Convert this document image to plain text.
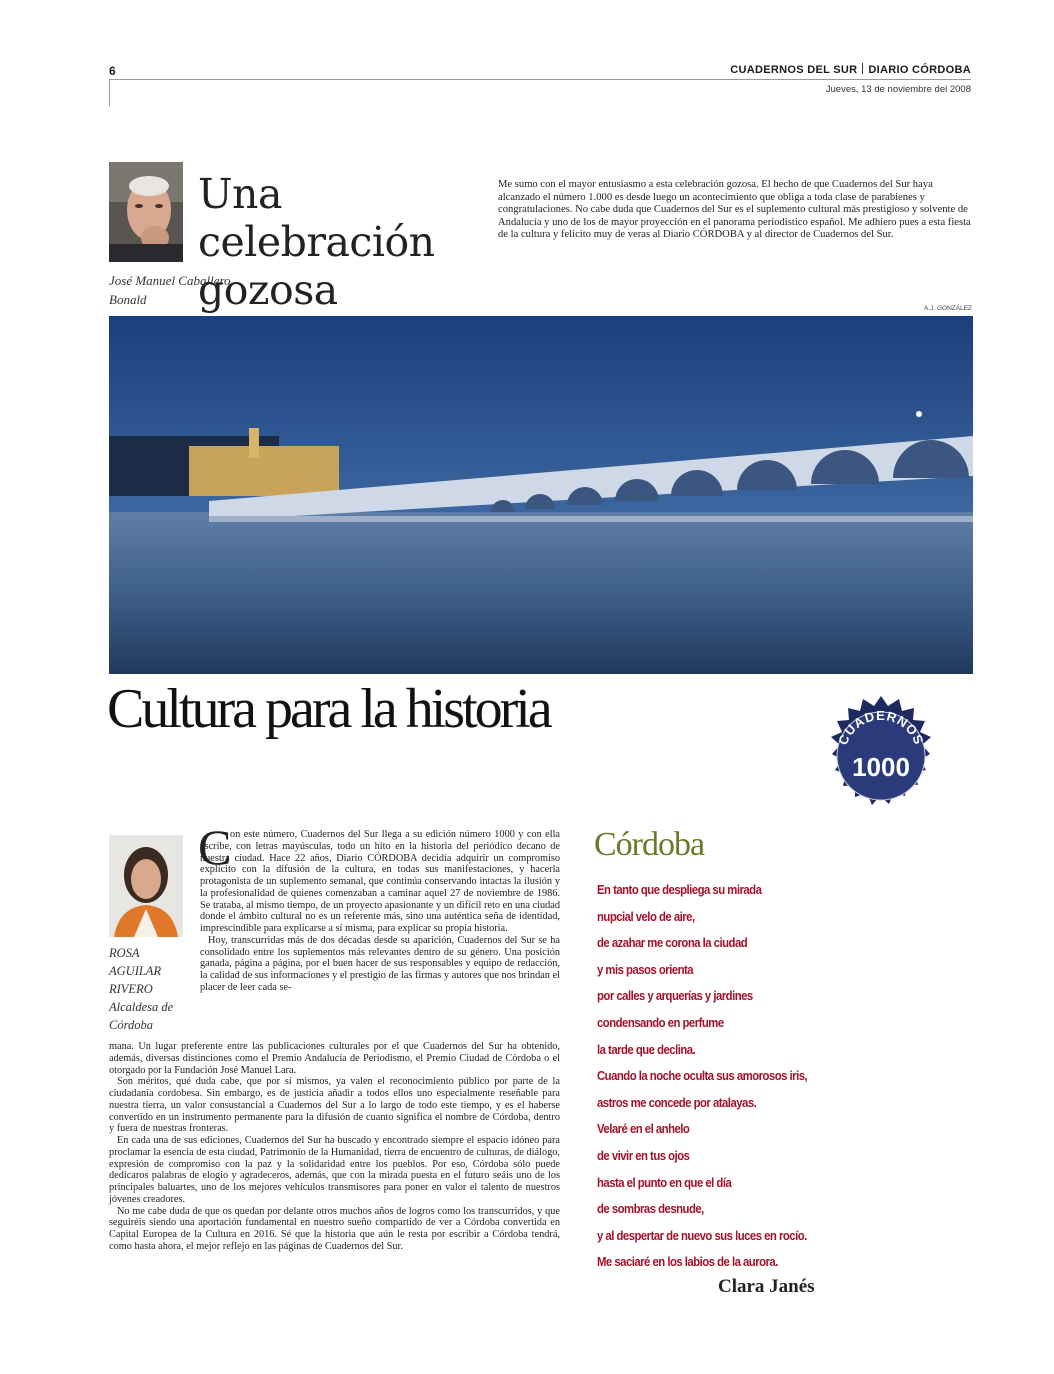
6	CUADERNOS DEL SUR DIARIO CÓRDOBA
Jueves, 13 de noviembre del 2008
Una celebración gozosa
José Manuel Caballero Bonald
Me sumo con el mayor entusiasmo a esta celebración gozosa. El hecho de que Cuadernos del Sur haya alcanzado el número 1.000 es desde luego un acontecimiento que obliga a toda clase de parabienes y congratulaciones. No cabe duda que Cuadernos del Sur es el suplemento cultural más prestigioso y solvente de Andalucía y uno de los de mayor proyección en el panorama periodístico español. Me adhiero pues a esta fiesta de la cultura y felicito muy de veras al Diario CÓRDOBA y al director de Cuadernos del Sur.
A.J. GONZÁLEZ
Cultura para la historia	CUADERNOS
1000
ROSA AGUILAR RIVERO Alcaldesa de Córdoba
C
on este número, Cuadernos del Sur llega a su edición número 1000 y con ella escribe, con letras mayúsculas, todo un hito en la historia del periódico decano de nuestra ciudad. Hace 22 años, Diario CÓRDOBA decidía adquirir un compromiso explícito con la difusión de la cultura, en todas sus manifestaciones, y hacerla protagonista de un suplemento semanal, que continúa conservando intactas la ilusión y la profesionalidad de quienes comenzaban a caminar aquel 27 de noviembre de 1986. Se trataba, al mismo tiempo, de un proyecto apasionante y un difícil reto en una ciudad donde el ámbito cultural no es un referente más, sino una auténtica seña de identidad, imprescindible para explicarse a sí misma, para explicar su propia historia.
Hoy, transcurridas más de dos décadas desde su aparición, Cuadernos del Sur se ha consolidado entre los suplementos más relevantes dentro de su género. Una posición ganada, página a página, por el buen hacer de sus responsables y equipo de redacción, la calidad de sus informaciones y el prestigio de las firmas y autores que nos brindan el placer de leer cada se-
mana. Un lugar preferente entre las publicaciones culturales por el que Cuadernos del Sur ha obtenido, además, diversas distinciones como el Premio Andalucía de Periodismo, el Premio Ciudad de Córdoba o el otorgado por la Fundación José Manuel Lara.
Son méritos, qué duda cabe, que por sí mismos, ya valen el reconocimiento público por parte de la ciudadanía cordobesa. Sin embargo, es de justicia añadir a todos ellos uno especialmente reseñable para nuestra tierra, un valor consustancial a Cuadernos del Sur a lo largo de todo este tiempo, y es el haberse convertido en un instrumento permanente para la difusión de cuanto significa el nombre de Córdoba, dentro y fuera de nuestras fronteras.
En cada una de sus ediciones, Cuadernos del Sur ha buscado y encontrado siempre el espacio idóneo para proclamar la esencia de esta ciudad, Patrimonio de la Humanidad, tierra de encuentro de culturas, de diálogo, expresión de compromiso con la paz y la solidaridad entre los pueblos. Por eso, Córdoba sólo puede dedicaros palabras de elogio y agradeceros, además, que con la mirada puesta en el futuro seáis uno de los principales baluartes, uno de los mejores vehículos transmisores para poner en valor el talento de nuestros jóvenes creadores.
No me cabe duda de que os quedan por delante otros muchos años de logros como los transcurridos, y que seguiréis siendo una aportación fundamental en nuestro sueño compartido de ver a Córdoba convertida en Capital Europea de la Cultura en 2016. Sé que la historia que aún le resta por escribir a Córdoba tendrá, como hasta ahora, el mejor reflejo en las páginas de Cuadernos del Sur.
Córdoba
En tanto que despliega su mirada
nupcial velo de aire,
de azahar me corona la ciudad
y mis pasos orienta
por calles y arquerías y jardines
condensando en perfume
la tarde que declina.
Cuando la noche oculta sus amorosos iris,
astros me concede por atalayas.
Velaré en el anhelo
de vivir en tus ojos
hasta el punto en que el día
de sombras desnude,
y al despertar de nuevo sus luces en rocío.
Me saciaré en los labios de la aurora.
Clara Janés
